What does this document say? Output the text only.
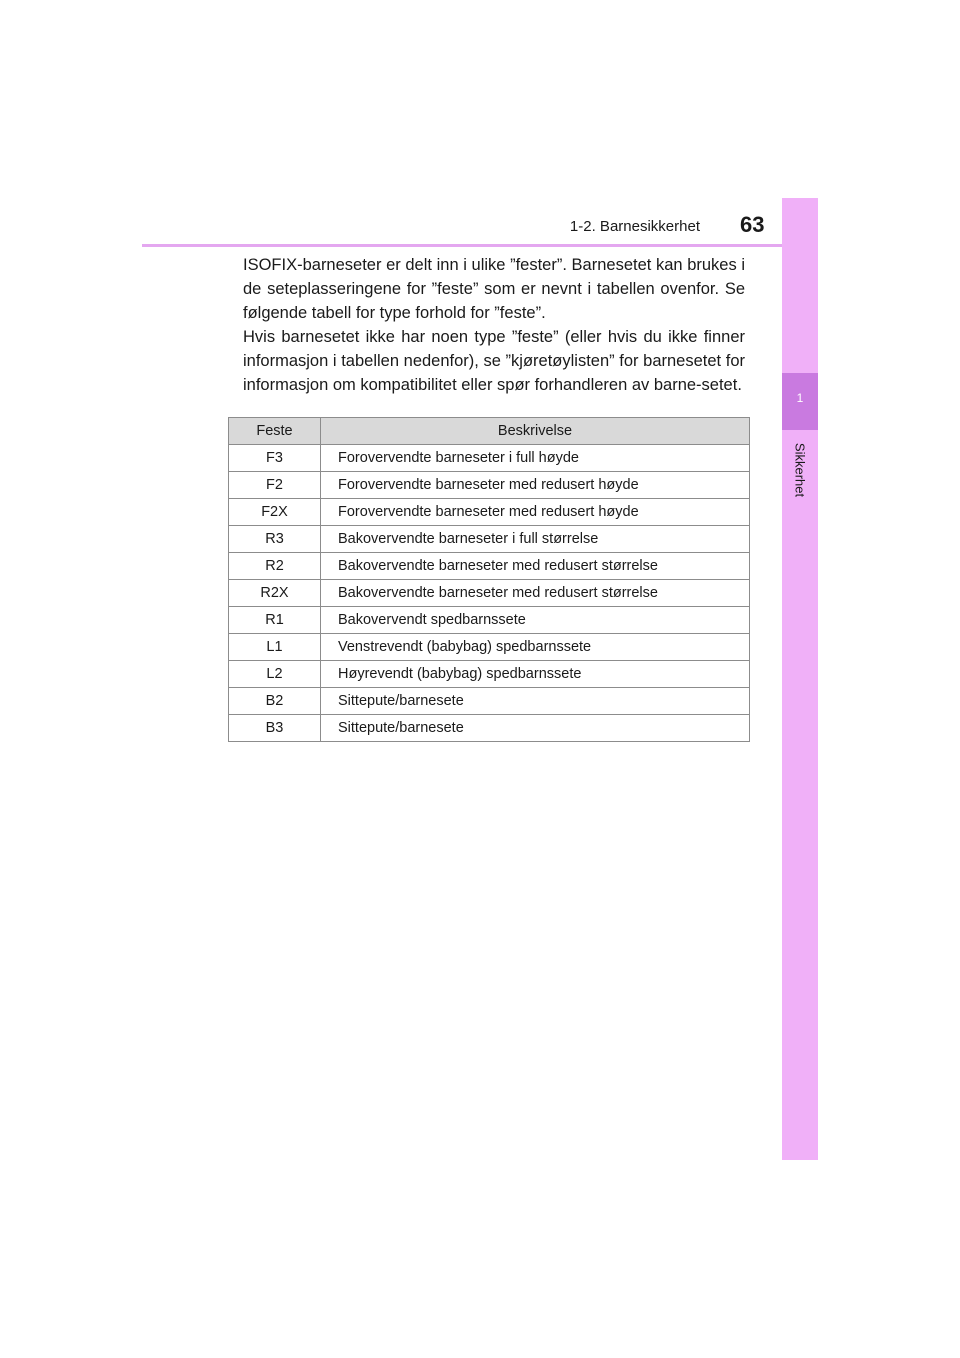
1-2. Barnesikkerhet 63
1
Sikkerhet

ISOFIX-barneseter er delt inn i ulike ”fester”. Barnesetet kan brukes i de seteplasseringene for ”feste” som er nevnt i tabellen ovenfor. Se følgende tabell for type forhold for ”feste”.

Hvis barnesetet ikke har noen type ”feste” (eller hvis du ikke finner informasjon i tabellen nedenfor), se ”kjøretøylisten” for barnesetet for informasjon om kompatibilitet eller spør forhandleren av barne-setet.

Feste	Beskrivelse
F3	Forovervendte barneseter i full høyde
F2	Forovervendte barneseter med redusert høyde
F2X	Forovervendte barneseter med redusert høyde
R3	Bakovervendte barneseter i full størrelse
R2	Bakovervendte barneseter med redusert størrelse
R2X	Bakovervendte barneseter med redusert størrelse
R1	Bakovervendt spedbarnssete
L1	Venstrevendt (babybag) spedbarnssete
L2	Høyrevendt (babybag) spedbarnssete
B2	Sittepute/barnesete
B3	Sittepute/barnesete
